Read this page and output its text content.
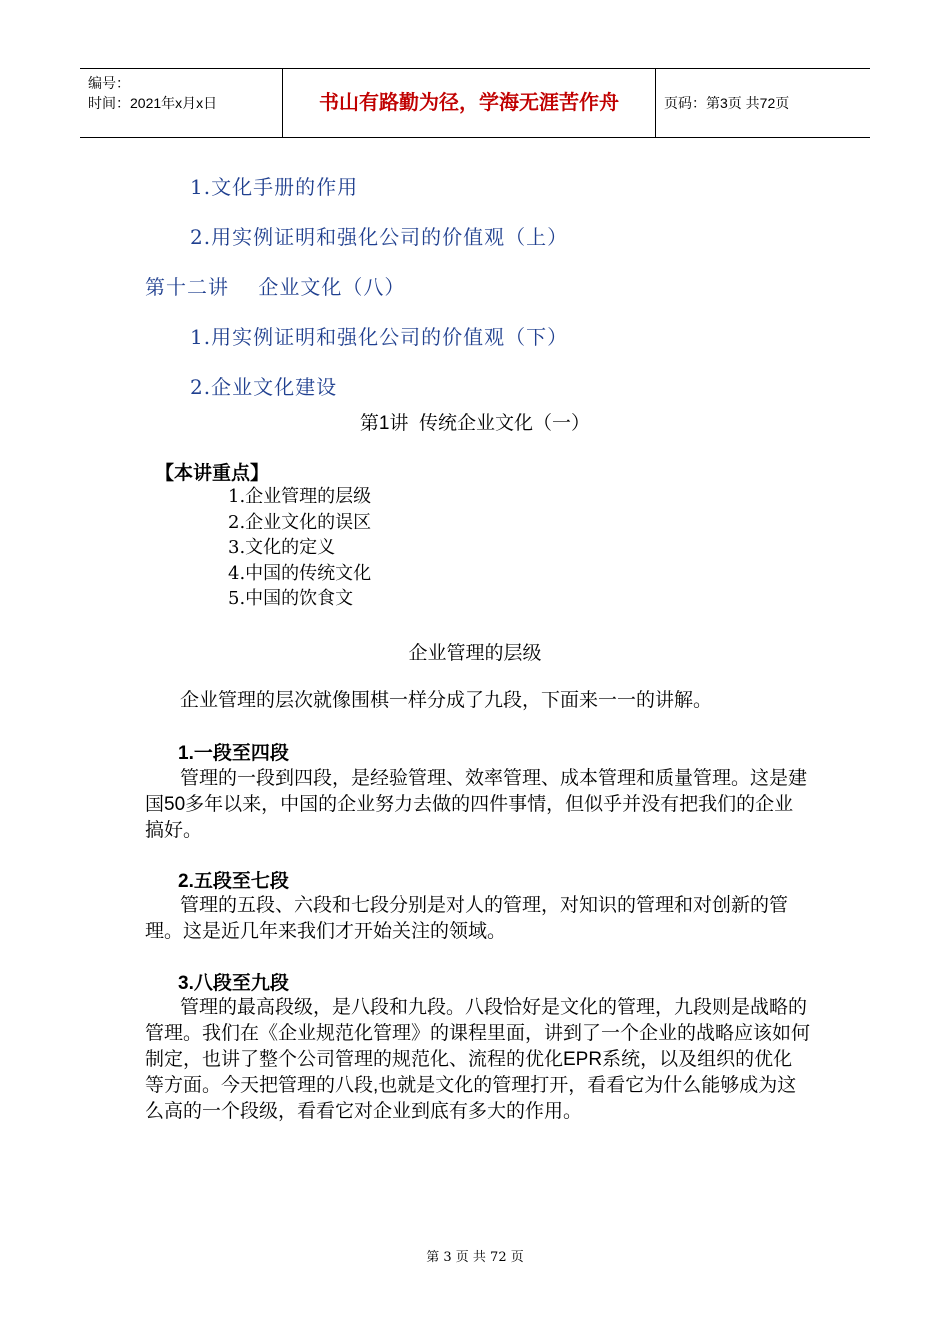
编号：
时间：2021年x月x日	书山有路勤为径，学海无涯苦作舟	页码：第3页 共72页
1.文化手册的作用
2.用实例证明和强化公司的价值观（上）
第十二讲    企业文化（八）
1.用实例证明和强化公司的价值观（下）
2.企业文化建设
第1讲  传统企业文化（一）
【本讲重点】
1.企业管理的层级
2.企业文化的误区
3.文化的定义
4.中国的传统文化
5.中国的饮食文
企业管理的层级
企业管理的层次就像围棋一样分成了九段，下面来一一的讲解。
1.一段至四段
管理的一段到四段，是经验管理、效率管理、成本管理和质量管理。这是建国50多年以来，中国的企业努力去做的四件事情，但似乎并没有把我们的企业搞好。
2.五段至七段
管理的五段、六段和七段分别是对人的管理，对知识的管理和对创新的管理。这是近几年来我们才开始关注的领域。
3.八段至九段
管理的最高段级，是八段和九段。八段恰好是文化的管理，九段则是战略的管理。我们在《企业规范化管理》的课程里面，讲到了一个企业的战略应该如何制定，也讲了整个公司管理的规范化、流程的优化EPR系统，以及组织的优化等方面。今天把管理的八段,也就是文化的管理打开，看看它为什么能够成为这么高的一个段级，看看它对企业到底有多大的作用。
第 3 页 共 72 页
